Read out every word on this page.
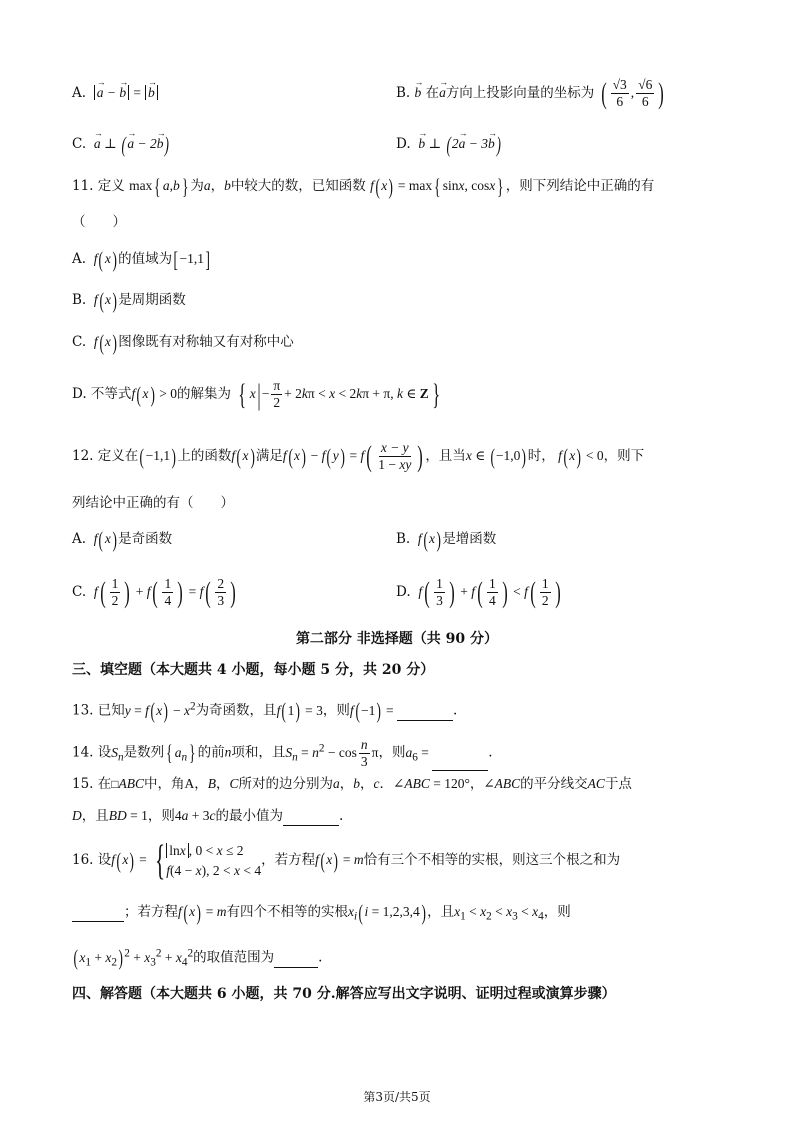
A. → a − → b = → b	B. → b 在→ a方向上投影向量的坐标为 ( $\frac{√3}{6}$ , $\frac{√6}{6}$ )
C. → a ⊥ (→ a − 2→ b)	D. → b ⊥ (2→ a − 3→ b)
11. 定义 max{ a,b} 为a，b中较大的数，已知函数 f(x) = max{ sinx, cosx} ，则下列结论中正确的有
（　　）
A. f(x)的值域为[−1,1]
B. f(x)是周期函数
C. f(x)图像既有对称轴又有对称中心
D. 不等式f(x) > 0的解集为 { $x|- \frac{\pi}{2} + 2k\pi < x < 2k\pi + \pi$, k ∈ Z }
12. 定义在(−1,1)上的函数f(x)满足$f(x) - f(y) = f( \frac{x - y}{1 - xy}$ ) ，且当x ∈ (−1,0)时， f(x) < 0，则下
列结论中正确的有（　　）
A. f(x)是奇函数	B. f(x)是增函数
C. $f( \frac{1}{2}$ ) + $f( \frac{1}{4}$ ) = $f( \frac{2}{3}$ )	D. $f( \frac{1}{3}$ ) + $f( \frac{1}{4}$ ) < $f( \frac{1}{2}$ )
第二部分 非选择题（共 90 分）
三、填空题（本大题共 4 小题，每小题 5 分，共 20 分）
13. 已知$y = f(x) - x^2$为奇函数，且f(1) = 3，则f(−1) =	.
14. 设$S_n$是数列{ $a_n$} 的前n项和，且$S_n = n^2 - \cos \frac{n}{3}$ π，则$a_6$ =	.
15. 在□ABC中，角A，B，C所对的边分别为a，b，c．∠ABC = 120°，∠ABC的平分线交AC于点
D，且BD = 1，则4a + 3c的最小值为	.
16. 设f(x) = { lnx , 0 < x ≤ 2
f(4 − x), 2 < x < 4
，若方程f(x) = m恰有三个不相等的实根，则这三个根之和为
；若方程f(x) = m有四个不相等的实根$x_i(i = 1,2,3,4)$，且$x_1 < x_2 < x_3 < x_4$，则
$(x_1 + x_2)^2 + x_3^2 + x_4^2$的取值范围为	.
四、解答题（本大题共 6 小题，共 70 分.解答应写出文字说明、证明过程或演算步骤）
第3页/共5页
